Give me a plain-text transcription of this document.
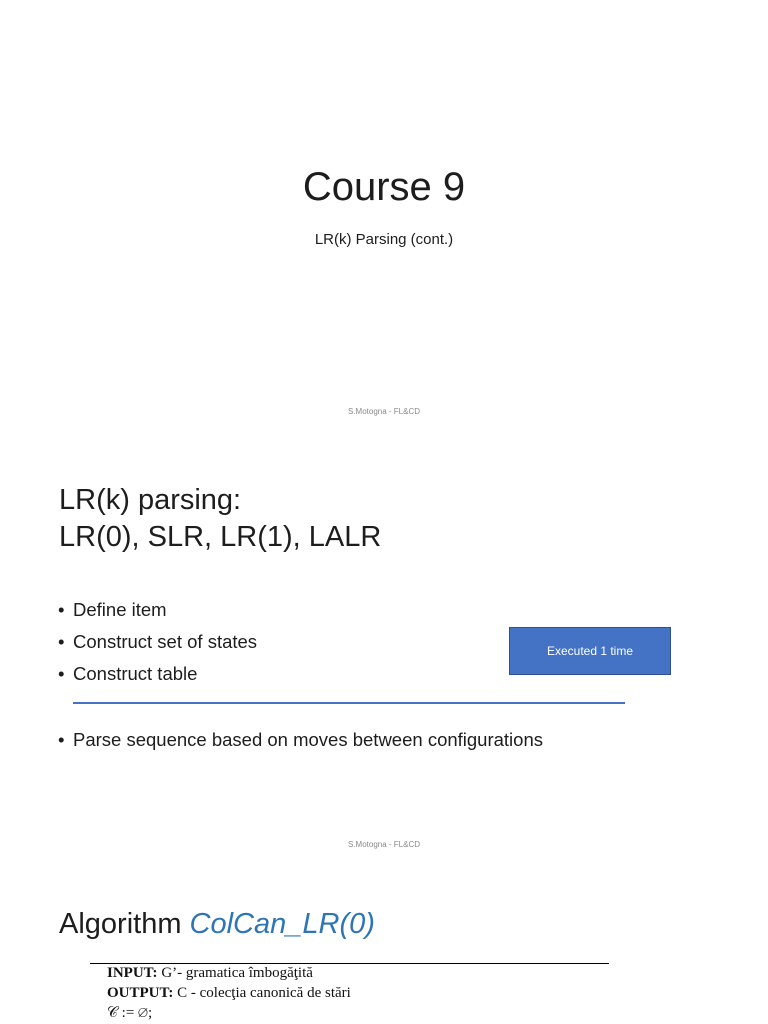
Course 9
LR(k) Parsing (cont.)
S.Motogna - FL&CD
LR(k) parsing:
LR(0), SLR, LR(1), LALR
• Define item
• Construct set of states
• Construct table
Executed 1 time
• Parse sequence based on moves between configurations
S.Motogna - FL&CD
Algorithm ColCan_LR(0)
INPUT: G’- gramatica îmbogăţită
OUTPUT: C - colecţia canonică de stări
𝒞 := ∅;
